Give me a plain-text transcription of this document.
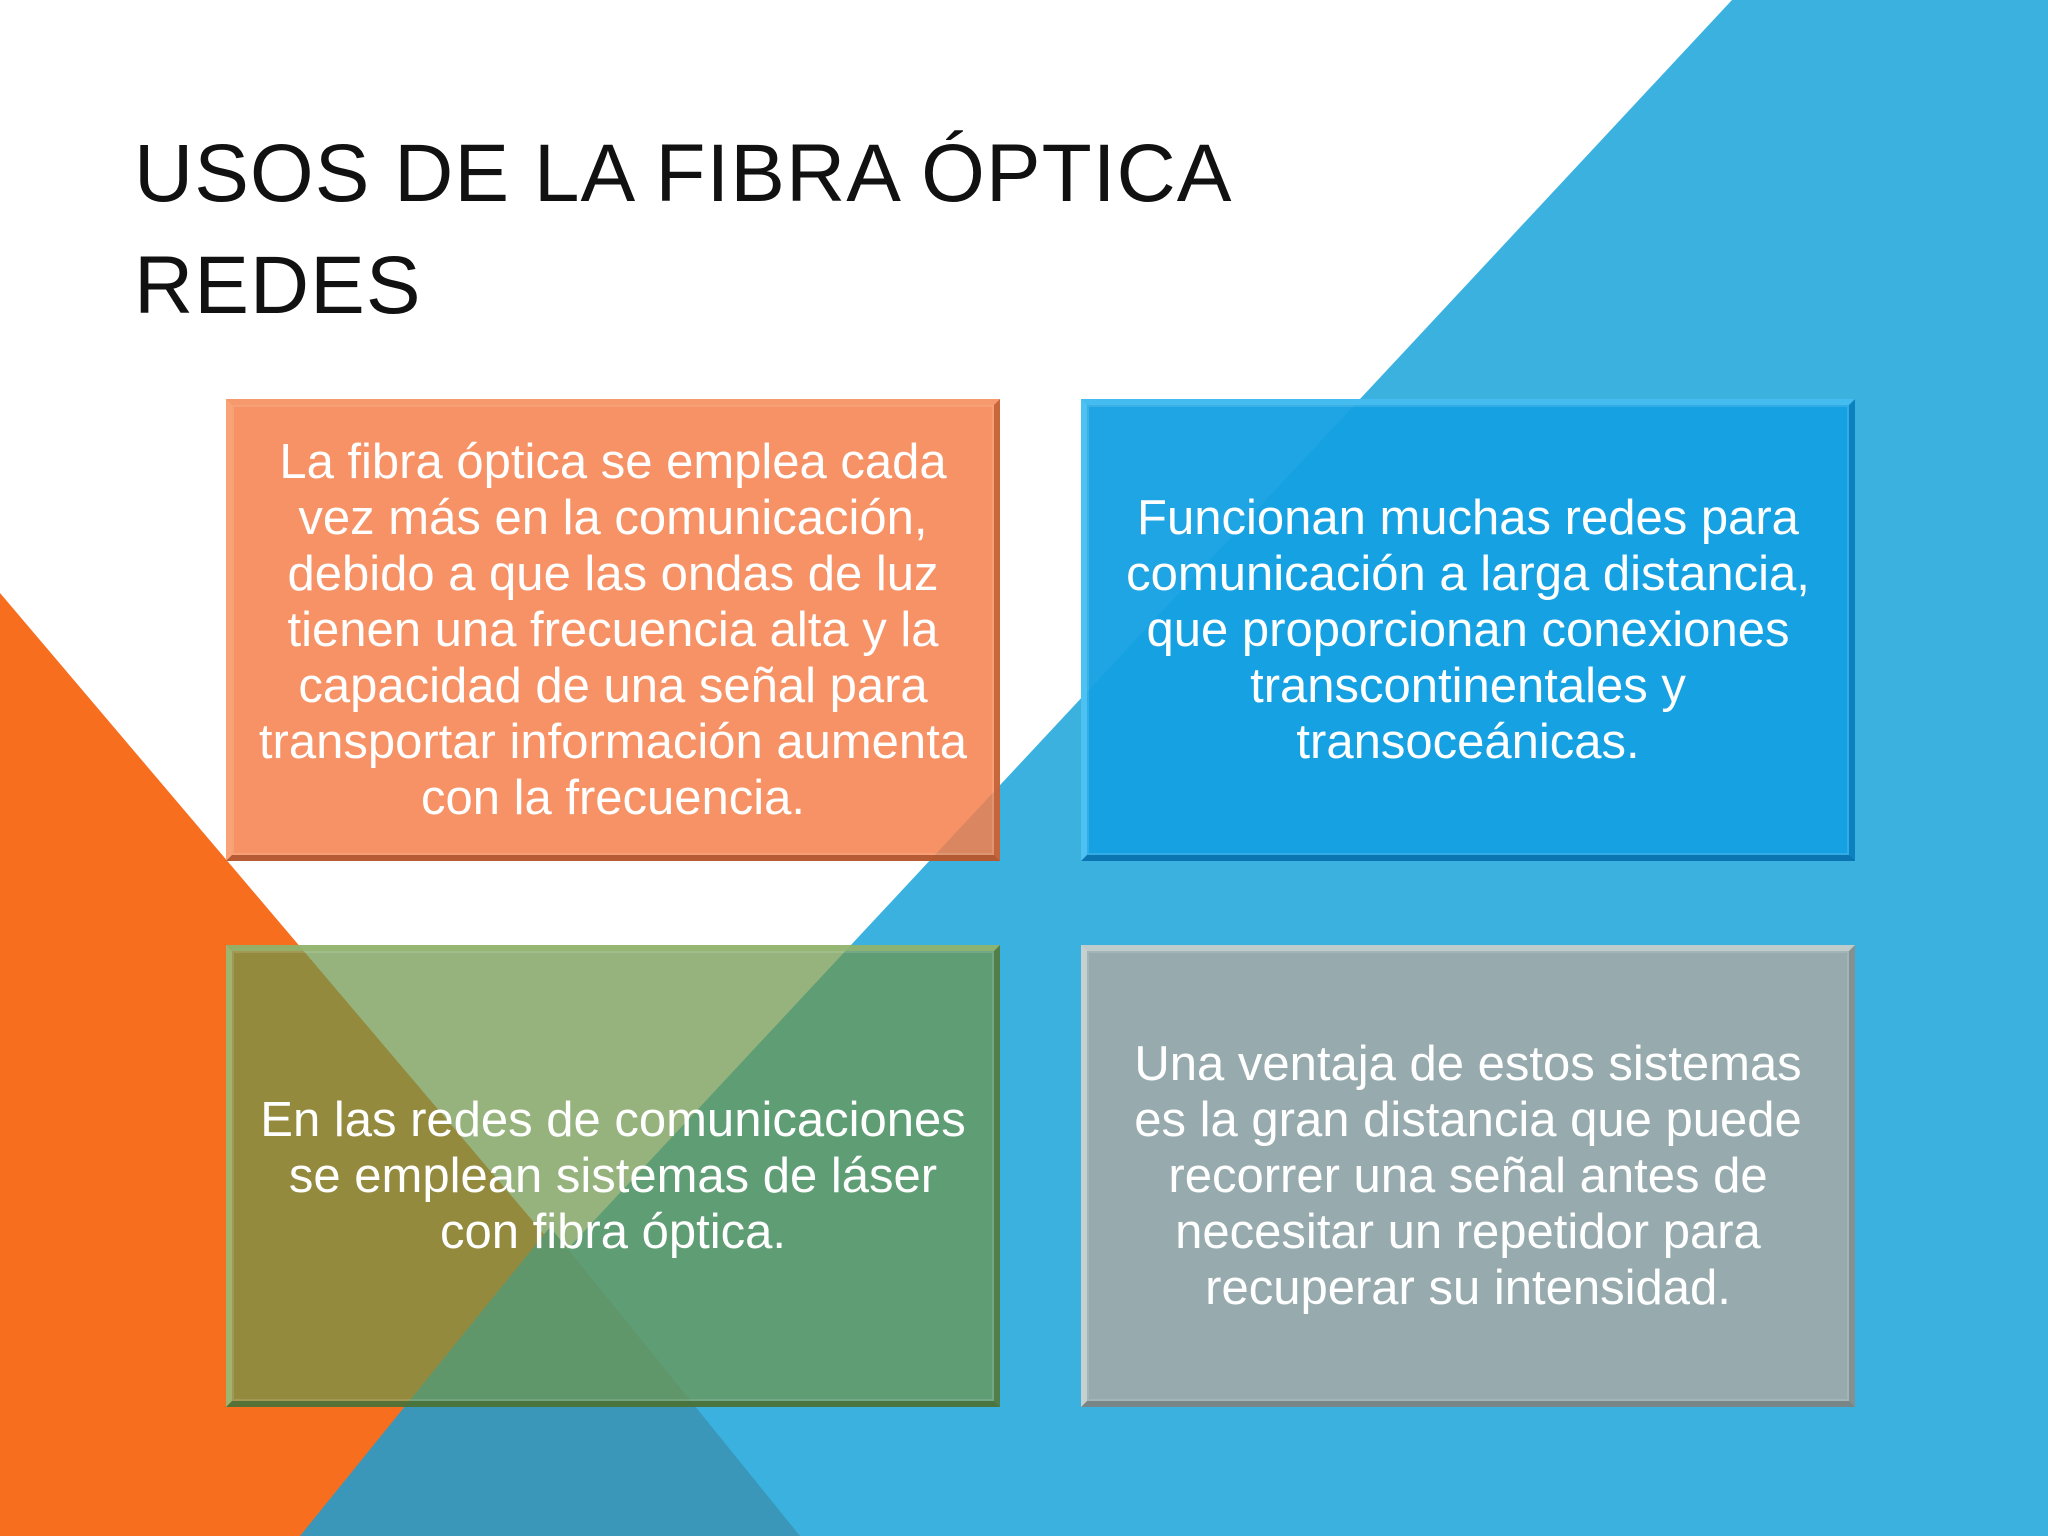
USOS DE LA FIBRA ÓPTICA
REDES

La fibra óptica se emplea cada vez más en la comunicación, debido a que las ondas de luz tienen una frecuencia alta y la capacidad de una señal para transportar información aumenta con la frecuencia.

Funcionan muchas redes para comunicación a larga distancia, que proporcionan conexiones transcontinentales y transoceánicas.

En las redes de comunicaciones se emplean sistemas de láser con fibra óptica.

Una ventaja de estos sistemas es la gran distancia que puede recorrer una señal antes de necesitar un repetidor para recuperar su intensidad.
